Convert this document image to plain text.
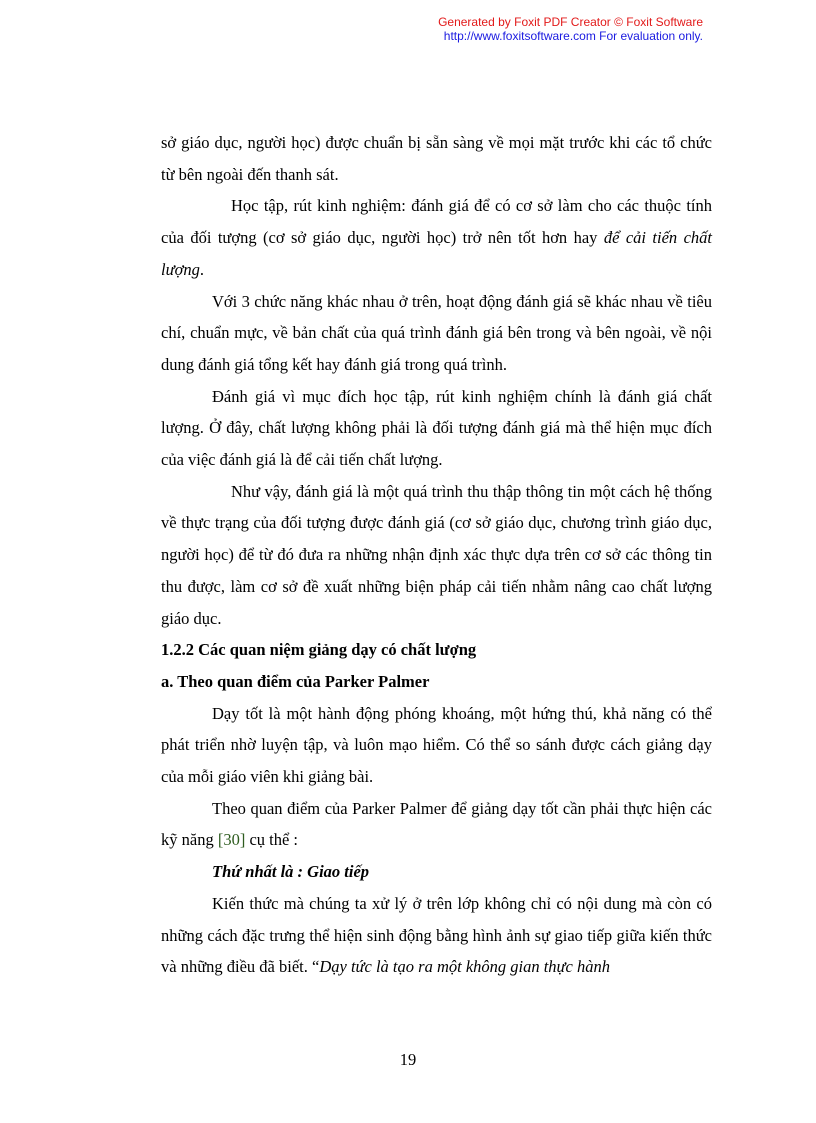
Generated by Foxit PDF Creator © Foxit Software
http://www.foxitsoftware.com For evaluation only.

sở giáo dục, người học) được chuẩn bị sẵn sàng về mọi mặt trước khi các tổ chức từ bên ngoài đến thanh sát.

Học tập, rút kinh nghiệm: đánh giá để có cơ sở làm cho các thuộc tính của đối tượng (cơ sở giáo dục, người học) trở nên tốt hơn hay để cải tiến chất lượng.

Với 3 chức năng khác nhau ở trên, hoạt động đánh giá sẽ khác nhau về tiêu chí, chuẩn mực, về bản chất của quá trình đánh giá bên trong và bên ngoài, về nội dung đánh giá tổng kết hay đánh giá trong quá trình.

Đánh giá vì mục đích học tập, rút kinh nghiệm chính là đánh giá chất lượng. Ở đây, chất lượng không phải là đối tượng đánh giá mà thể hiện mục đích của việc đánh giá là để cải tiến chất lượng.

Như vậy, đánh giá là một quá trình thu thập thông tin một cách hệ thống về thực trạng của đối tượng được đánh giá (cơ sở giáo dục, chương trình giáo dục, người học) để từ đó đưa ra những nhận định xác thực dựa trên cơ sở các thông tin thu được, làm cơ sở đề xuất những biện pháp cải tiến nhằm nâng cao chất lượng giáo dục.

1.2.2 Các quan niệm giảng dạy có chất lượng
a. Theo quan điểm của Parker Palmer

Dạy tốt là một hành động phóng khoáng, một hứng thú, khả năng có thể phát triển nhờ luyện tập, và luôn mạo hiểm. Có thể so sánh được cách giảng dạy của mỗi giáo viên khi giảng bài.

Theo quan điểm của Parker Palmer để giảng dạy tốt cần phải thực hiện các kỹ năng [30] cụ thể :

Thứ nhất là : Giao tiếp

Kiến thức mà chúng ta xử lý ở trên lớp không chỉ có nội dung mà còn có những cách đặc trưng thể hiện sinh động bằng hình ảnh sự giao tiếp giữa kiến thức và những điều đã biết. “Dạy tức là tạo ra một không gian thực hành

19
